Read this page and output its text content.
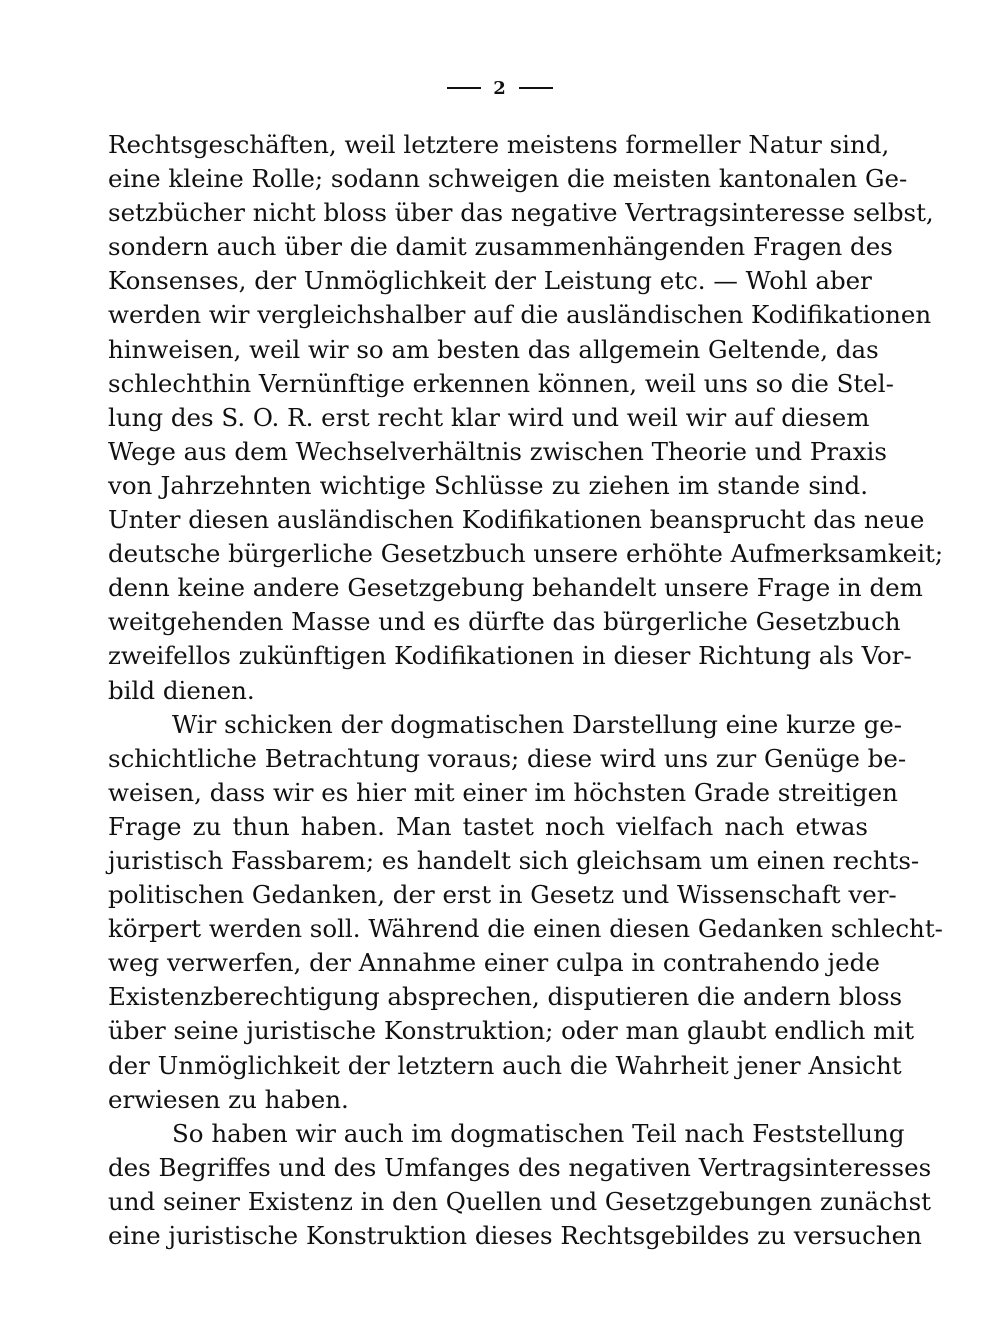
2
Rechtsgeschäften, weil letztere meistens formeller Natur sind,
eine kleine Rolle; sodann schweigen die meisten kantonalen Ge-
setzbücher nicht bloss über das negative Vertragsinteresse selbst,
sondern auch über die damit zusammenhängenden Fragen des
Konsenses, der Unmöglichkeit der Leistung etc. — Wohl aber
werden wir vergleichshalber auf die ausländischen Kodifikationen
hinweisen, weil wir so am besten das allgemein Geltende, das
schlechthin Vernünftige erkennen können, weil uns so die Stel-
lung des S. O. R. erst recht klar wird und weil wir auf diesem
Wege aus dem Wechselverhältnis zwischen Theorie und Praxis
von Jahrzehnten wichtige Schlüsse zu ziehen im stande sind.
Unter diesen ausländischen Kodifikationen beansprucht das neue
deutsche bürgerliche Gesetzbuch unsere erhöhte Aufmerksamkeit;
denn keine andere Gesetzgebung behandelt unsere Frage in dem
weitgehenden Masse und es dürfte das bürgerliche Gesetzbuch
zweifellos zukünftigen Kodifikationen in dieser Richtung als Vor-
bild dienen.
Wir schicken der dogmatischen Darstellung eine kurze ge-
schichtliche Betrachtung voraus; diese wird uns zur Genüge be-
weisen, dass wir es hier mit einer im höchsten Grade streitigen
Frage zu thun haben. Man tastet noch vielfach nach etwas
juristisch Fassbarem; es handelt sich gleichsam um einen rechts-
politischen Gedanken, der erst in Gesetz und Wissenschaft ver-
körpert werden soll. Während die einen diesen Gedanken schlecht-
weg verwerfen, der Annahme einer culpa in contrahendo jede
Existenzberechtigung absprechen, disputieren die andern bloss
über seine juristische Konstruktion; oder man glaubt endlich mit
der Unmöglichkeit der letztern auch die Wahrheit jener Ansicht
erwiesen zu haben.
So haben wir auch im dogmatischen Teil nach Feststellung
des Begriffes und des Umfanges des negativen Vertragsinteresses
und seiner Existenz in den Quellen und Gesetzgebungen zunächst
eine juristische Konstruktion dieses Rechtsgebildes zu versuchen
